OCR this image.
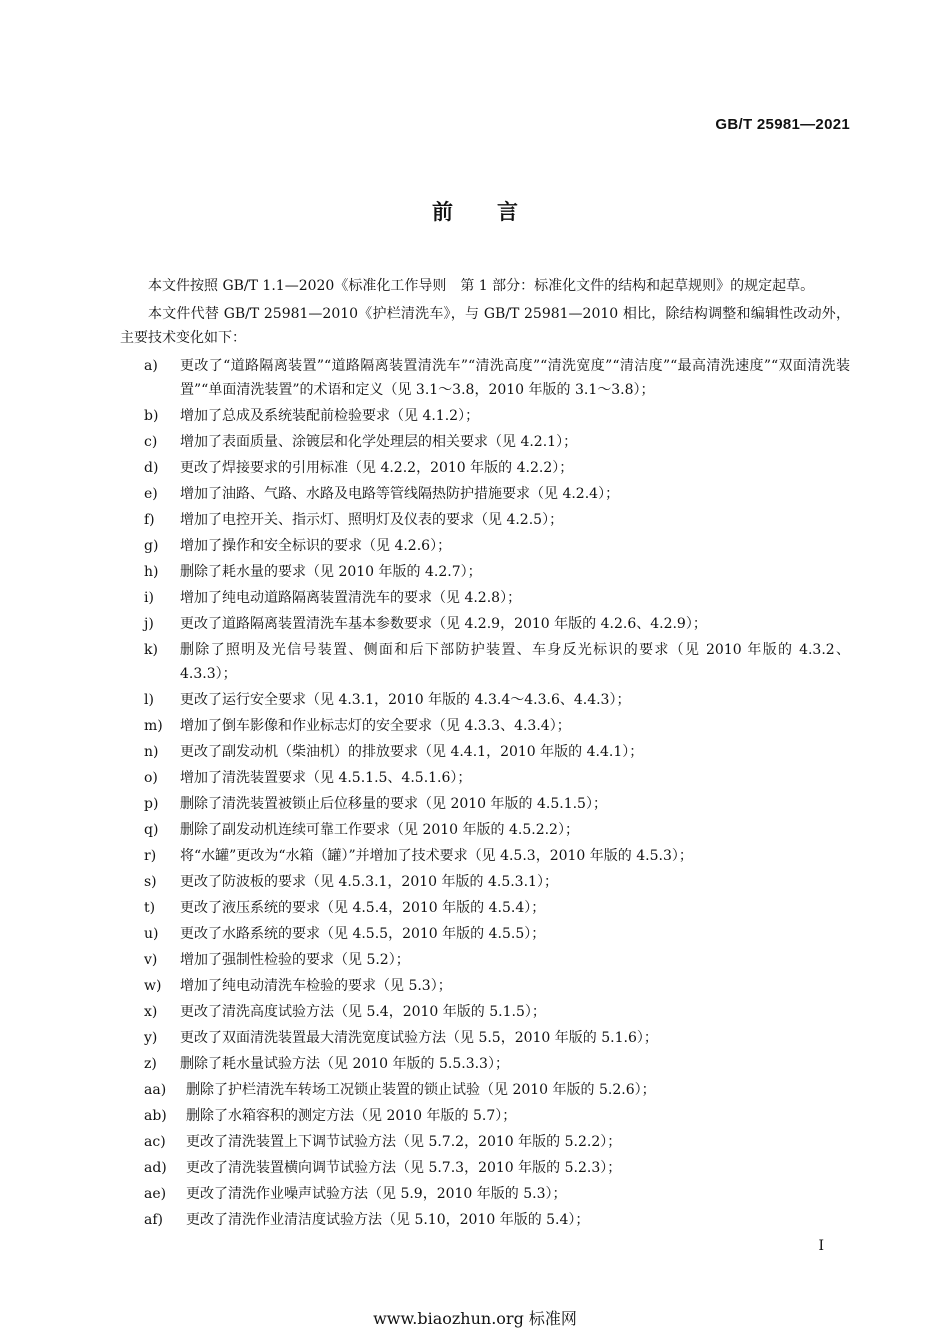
GB/T 25981—2021
前言

本文件按照 GB/T 1.1—2020《标准化工作导则　第 1 部分：标准化文件的结构和起草规则》的规定起草。

本文件代替 GB/T 25981—2010《护栏清洗车》，与 GB/T 25981—2010 相比，除结构调整和编辑性改动外，主要技术变化如下：

a) 更改了“道路隔离装置”“道路隔离装置清洗车”“清洗高度”“清洗宽度”“清洁度”“最高清洗速度”“双面清洗装置”“单面清洗装置”的术语和定义（见 3.1～3.8，2010 年版的 3.1～3.8）；
b) 增加了总成及系统装配前检验要求（见 4.1.2）；
c) 增加了表面质量、涂镀层和化学处理层的相关要求（见 4.2.1）；
d) 更改了焊接要求的引用标准（见 4.2.2，2010 年版的 4.2.2）；
e) 增加了油路、气路、水路及电路等管线隔热防护措施要求（见 4.2.4）；
f) 增加了电控开关、指示灯、照明灯及仪表的要求（见 4.2.5）；
g) 增加了操作和安全标识的要求（见 4.2.6）；
h) 删除了耗水量的要求（见 2010 年版的 4.2.7）；
i) 增加了纯电动道路隔离装置清洗车的要求（见 4.2.8）；
j) 更改了道路隔离装置清洗车基本参数要求（见 4.2.9，2010 年版的 4.2.6、4.2.9）；
k) 删除了照明及光信号装置、侧面和后下部防护装置、车身反光标识的要求（见 2010 年版的 4.3.2、4.3.3）；
l) 更改了运行安全要求（见 4.3.1，2010 年版的 4.3.4～4.3.6、4.4.3）；
m) 增加了倒车影像和作业标志灯的安全要求（见 4.3.3、4.3.4）；
n) 更改了副发动机（柴油机）的排放要求（见 4.4.1，2010 年版的 4.4.1）；
o) 增加了清洗装置要求（见 4.5.1.5、4.5.1.6）；
p) 删除了清洗装置被锁止后位移量的要求（见 2010 年版的 4.5.1.5）；
q) 删除了副发动机连续可靠工作要求（见 2010 年版的 4.5.2.2）；
r) 将“水罐”更改为“水箱（罐）”并增加了技术要求（见 4.5.3，2010 年版的 4.5.3）；
s) 更改了防波板的要求（见 4.5.3.1，2010 年版的 4.5.3.1）；
t) 更改了液压系统的要求（见 4.5.4，2010 年版的 4.5.4）；
u) 更改了水路系统的要求（见 4.5.5，2010 年版的 4.5.5）；
v) 增加了强制性检验的要求（见 5.2）；
w) 增加了纯电动清洗车检验的要求（见 5.3）；
x) 更改了清洗高度试验方法（见 5.4，2010 年版的 5.1.5）；
y) 更改了双面清洗装置最大清洗宽度试验方法（见 5.5，2010 年版的 5.1.6）；
z) 删除了耗水量试验方法（见 2010 年版的 5.5.3.3）；
aa) 删除了护栏清洗车转场工况锁止装置的锁止试验（见 2010 年版的 5.2.6）；
ab) 删除了水箱容积的测定方法（见 2010 年版的 5.7）；
ac) 更改了清洗装置上下调节试验方法（见 5.7.2，2010 年版的 5.2.2）；
ad) 更改了清洗装置横向调节试验方法（见 5.7.3，2010 年版的 5.2.3）；
ae) 更改了清洗作业噪声试验方法（见 5.9，2010 年版的 5.3）；
af) 更改了清洗作业清洁度试验方法（见 5.10，2010 年版的 5.4）；
Ⅰ
www.biaozhun.org 标准网
